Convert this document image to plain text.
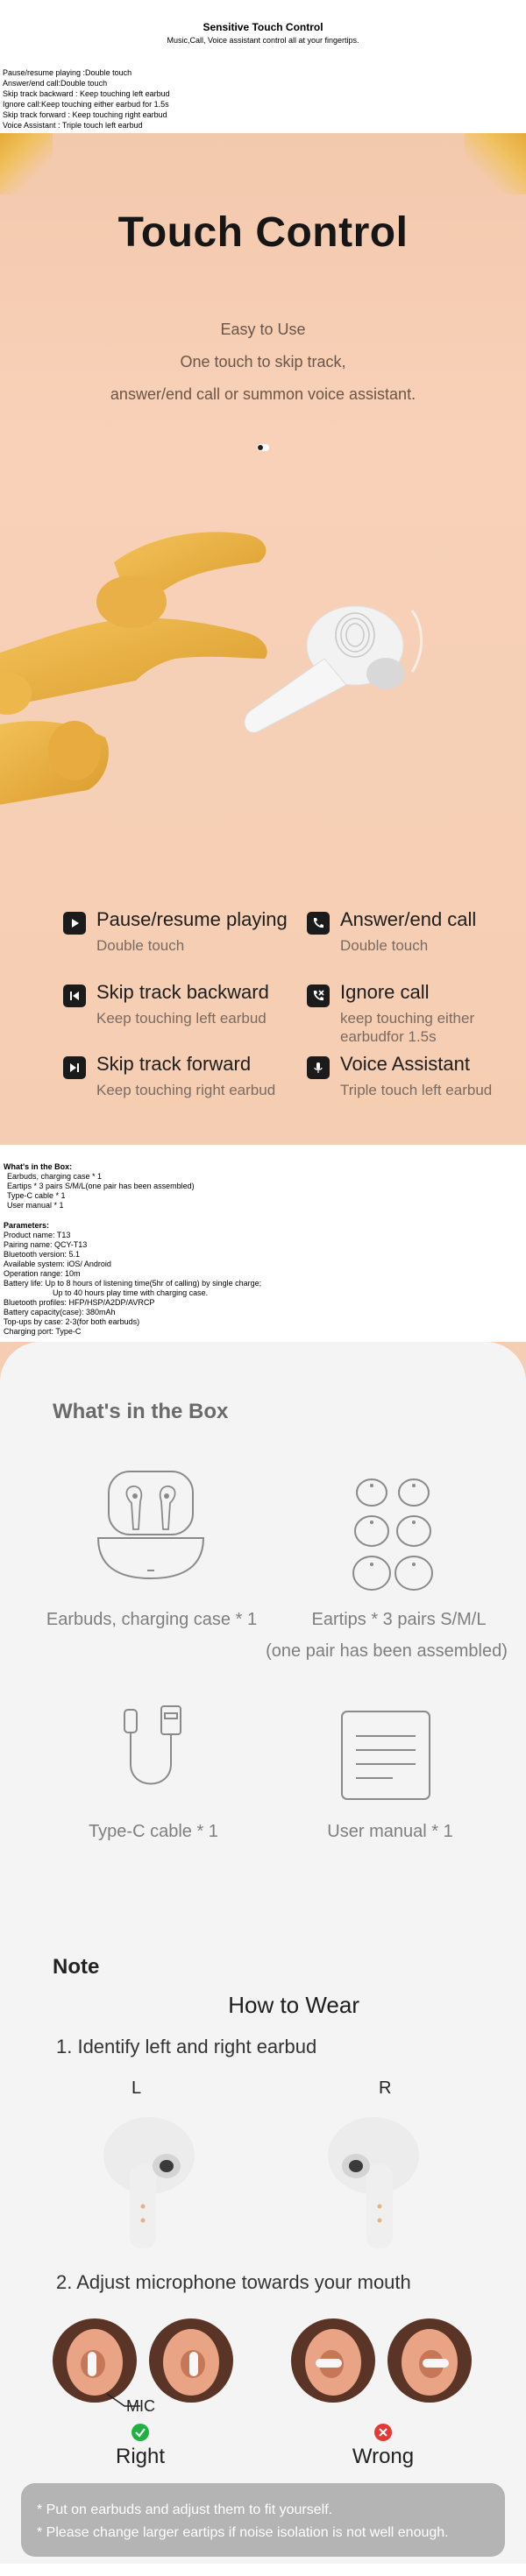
Sensitive Touch Control
Music,Call, Voice assistant control all at your fingertips.
Pause/resume playing :Double touch
Answer/end call:Double touch
Skip track backward : Keep touching left earbud
Ignore call:Keep touching either earbud for 1.5s
Skip track forward : Keep touching right earbud
Voice Assistant : Triple touch left earbud
Touch Control
Easy to Use
One touch to skip track,
answer/end call or summon voice assistant.
Pause/resume playing
Double touch
Answer/end call
Double touch
Skip track backward
Keep touching left earbud
Ignore call
keep touching either earbudfor 1.5s
Skip track forward
Keep touching right earbud
Voice Assistant
Triple touch left earbud
What's in the Box:
Earbuds, charging case * 1
Eartips * 3 pairs S/M/L(one pair has been assembled)
Type-C cable * 1
User manual * 1
Parameters:
Product name: T13
Pairing name: QCY-T13
Bluetooth version: 5.1
Available system: iOS/ Android
Operation range: 10m
Battery life: Up to 8 hours of listening time(5hr of calling) by single charge;
Up to 40 hours play time with charging case.
Bluetooth profiles: HFP/HSP/A2DP/AVRCP
Battery capacity(case): 380mAh
Top-ups by case: 2-3(for both earbuds)
Charging port: Type-C
What's in the Box
Earbuds, charging case * 1	Eartips * 3 pairs S/M/L
(one pair has been assembled)
Type-C cable * 1	User manual * 1
Note
How to Wear
1. Identify left and right earbud
L	R
2. Adjust microphone towards your mouth
MIC
Right	Wrong
* Put on earbuds and adjust them to fit yourself.
* Please change larger eartips if noise isolation is not well enough.
